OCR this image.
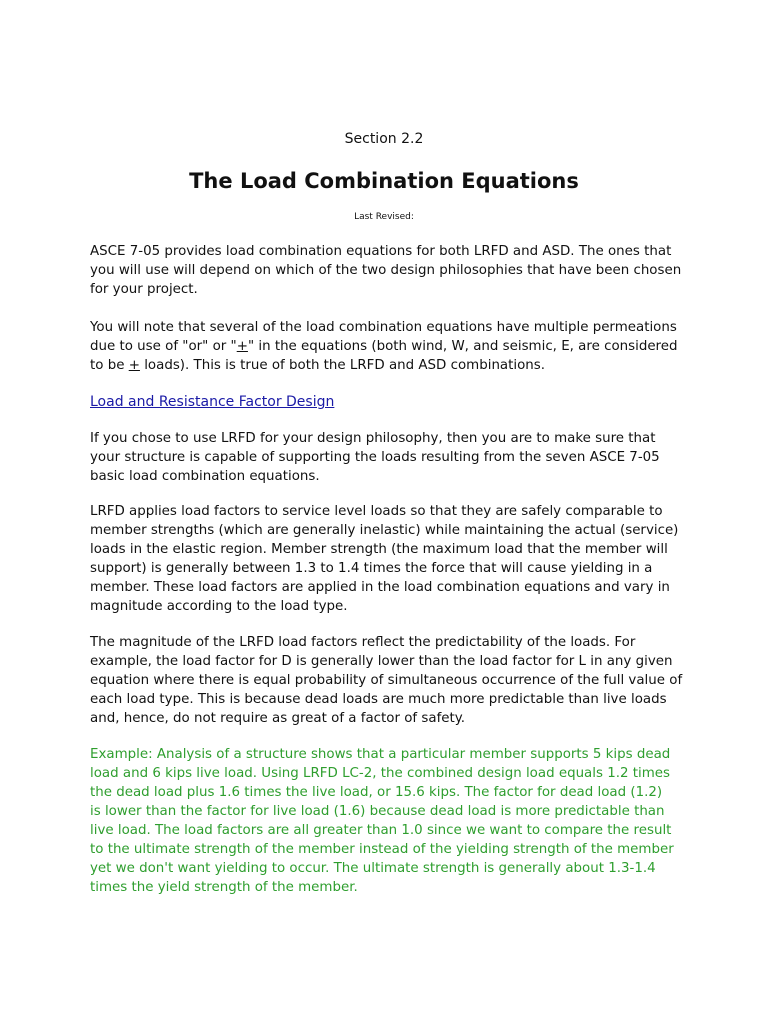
Section 2.2
The Load Combination Equations
Last Revised:

ASCE 7-05 provides load combination equations for both LRFD and ASD. The ones that
you will use will depend on which of the two design philosophies that have been chosen
for your project.

You will note that several of the load combination equations have multiple permeations
due to use of "or" or "+" in the equations (both wind, W, and seismic, E, are considered
to be + loads). This is true of both the LRFD and ASD combinations.

Load and Resistance Factor Design

If you chose to use LRFD for your design philosophy, then you are to make sure that
your structure is capable of supporting the loads resulting from the seven ASCE 7-05
basic load combination equations.

LRFD applies load factors to service level loads so that they are safely comparable to
member strengths (which are generally inelastic) while maintaining the actual (service)
loads in the elastic region. Member strength (the maximum load that the member will
support) is generally between 1.3 to 1.4 times the force that will cause yielding in a
member. These load factors are applied in the load combination equations and vary in
magnitude according to the load type.

The magnitude of the LRFD load factors reflect the predictability of the loads. For
example, the load factor for D is generally lower than the load factor for L in any given
equation where there is equal probability of simultaneous occurrence of the full value of
each load type. This is because dead loads are much more predictable than live loads
and, hence, do not require as great of a factor of safety.

Example: Analysis of a structure shows that a particular member supports 5 kips dead
load and 6 kips live load. Using LRFD LC-2, the combined design load equals 1.2 times
the dead load plus 1.6 times the live load, or 15.6 kips. The factor for dead load (1.2)
is lower than the factor for live load (1.6) because dead load is more predictable than
live load. The load factors are all greater than 1.0 since we want to compare the result
to the ultimate strength of the member instead of the yielding strength of the member
yet we don't want yielding to occur. The ultimate strength is generally about 1.3-1.4
times the yield strength of the member.
